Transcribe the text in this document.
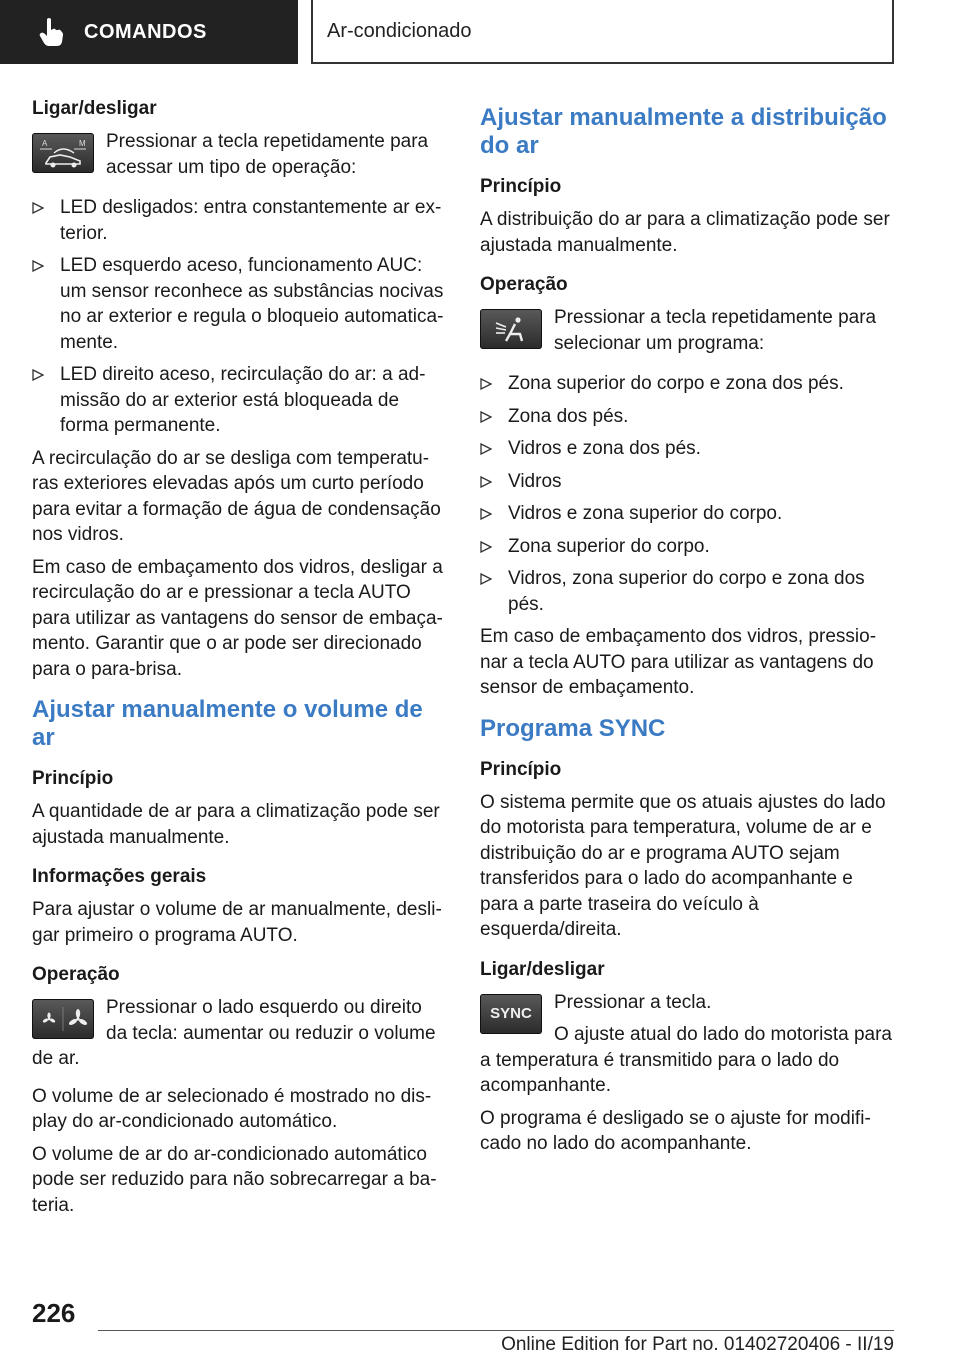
COMANDOS	Ar-condicionado
Ligar/desligar
A	M	Pressionar a tecla repetidamente para acessar um tipo de operação:
LED desligados: entra constantemente ar exterior.
LED esquerdo aceso, funcionamento AUC: um sensor reconhece as substâncias nocivas no ar exterior e regula o bloqueio automaticamente.
LED direito aceso, recirculação do ar: a admissão do ar exterior está bloqueada de forma permanente.

A recirculação do ar se desliga com temperaturas exteriores elevadas após um curto período para evitar a formação de água de condensação nos vidros.

Em caso de embaçamento dos vidros, desligar a recirculação do ar e pressionar a tecla AUTO para utilizar as vantagens do sensor de embaçamento. Garantir que o ar pode ser direcionado para o para-brisa.

Ajustar manualmente o volume de ar
Princípio

A quantidade de ar para a climatização pode ser ajustada manualmente.

Informações gerais

Para ajustar o volume de ar manualmente, desligar primeiro o programa AUTO.

Operação
Pressionar o lado esquerdo ou direito da tecla: aumentar ou reduzir o volume de ar.

O volume de ar selecionado é mostrado no display do ar-condicionado automático.

O volume de ar do ar-condicionado automático pode ser reduzido para não sobrecarregar a bateria.

Ajustar manualmente a distribuição do ar
Princípio

A distribuição do ar para a climatização pode ser ajustada manualmente.

Operação
Pressionar a tecla repetidamente para selecionar um programa:
Zona superior do corpo e zona dos pés.
Zona dos pés.
Vidros e zona dos pés.
Vidros
Vidros e zona superior do corpo.
Zona superior do corpo.
Vidros, zona superior do corpo e zona dos pés.

Em caso de embaçamento dos vidros, pressionar a tecla AUTO para utilizar as vantagens do sensor de embaçamento.

Programa SYNC
Princípio

O sistema permite que os atuais ajustes do lado do motorista para temperatura, volume de ar e distribuição do ar e programa AUTO sejam transferidos para o lado do acompanhante e para a parte traseira do veículo à esquerda/direita.

Ligar/desligar
SYNC
Pressionar a tecla.
O ajuste atual do lado do motorista para a temperatura é transmitido para o lado do acompanhante.

O programa é desligado se o ajuste for modificado no lado do acompanhante.

226
Online Edition for Part no. 01402720406 - II/19
